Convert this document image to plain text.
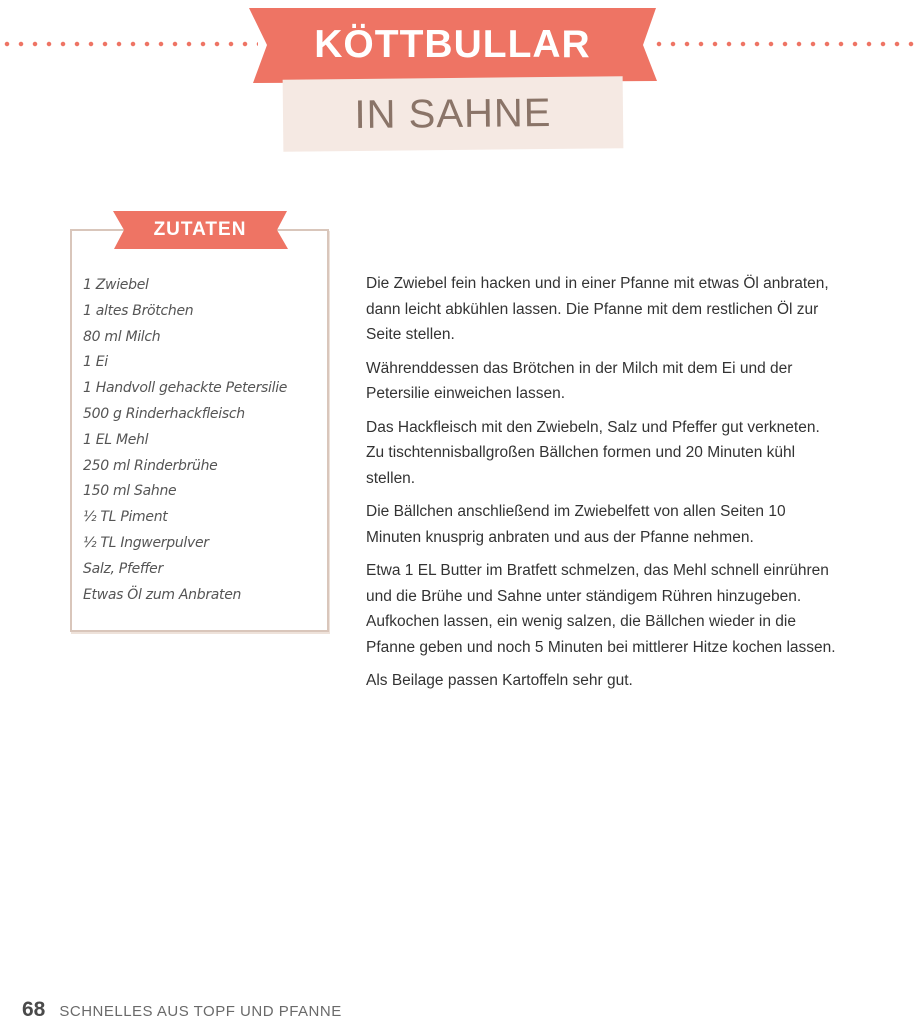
KÖTTBULLAR
IN SAHNE
ZUTATEN
1 Zwiebel
1 altes Brötchen
80 ml Milch
1 Ei
1 Handvoll gehackte Petersilie
500 g Rinderhackfleisch
1 EL Mehl
250 ml Rinderbrühe
150 ml Sahne
½ TL Piment
½ TL Ingwerpulver
Salz, Pfeffer
Etwas Öl zum Anbraten

Die Zwiebel fein hacken und in einer Pfanne mit etwas Öl anbraten, dann leicht abkühlen lassen. Die Pfanne mit dem restlichen Öl zur Seite stellen.

Währenddessen das Brötchen in der Milch mit dem Ei und der Petersilie einweichen lassen.

Das Hackfleisch mit den Zwiebeln, Salz und Pfeffer gut verkneten. Zu tischtennisballgroßen Bällchen formen und 20 Minuten kühl stellen.

Die Bällchen anschließend im Zwiebelfett von allen Seiten 10 Minuten knusprig anbraten und aus der Pfanne nehmen.

Etwa 1 EL Butter im Bratfett schmelzen, das Mehl schnell einrühren und die Brühe und Sahne unter ständigem Rühren hinzugeben. Aufkochen lassen, ein wenig salzen, die Bällchen wieder in die Pfanne geben und noch 5 Minuten bei mittlerer Hitze kochen lassen.

Als Beilage passen Kartoffeln sehr gut.

68 SCHNELLES AUS TOPF UND PFANNE
